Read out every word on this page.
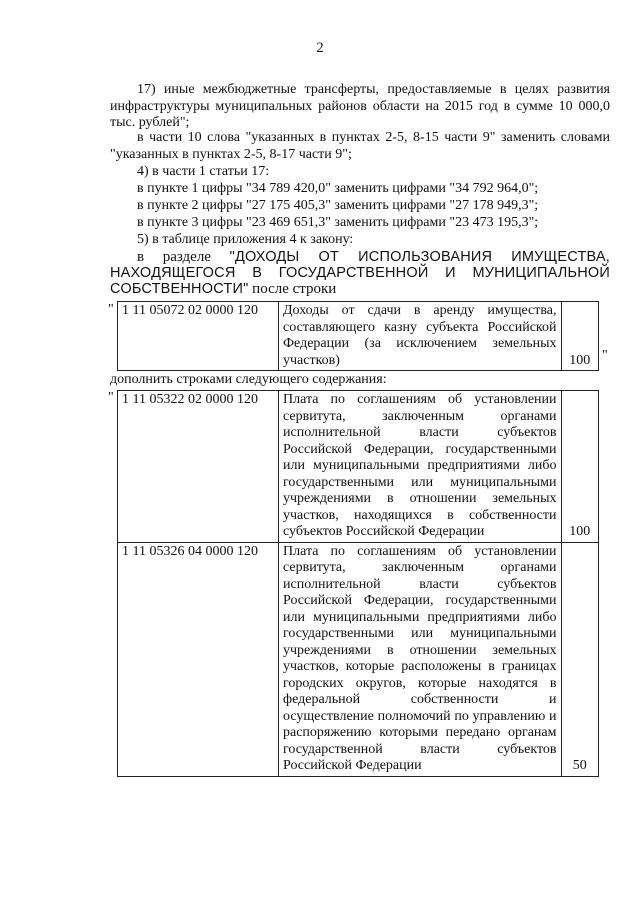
2
17) иные межбюджетные трансферты, предоставляемые в целях развития инфраструктуры муниципальных районов области на 2015 год в сумме 10 000,0 тыс. рублей";
в части 10 слова "указанных в пунктах 2-5, 8-15 части 9" заменить словами "указанных в пунктах 2-5, 8-17 части 9";
4) в части 1 статьи 17:
в пункте 1 цифры "34 789 420,0" заменить цифрами "34 792 964,0";
в пункте 2 цифры "27 175 405,3" заменить цифрами "27 178 949,3";
в пункте 3 цифры "23 469 651,3" заменить цифрами "23 473 195,3";
5) в таблице приложения 4 к закону:
в разделе "ДОХОДЫ ОТ ИСПОЛЬЗОВАНИЯ ИМУЩЕСТВА, НАХОДЯЩЕГОСЯ В ГОСУДАРСТВЕННОЙ И МУНИЦИПАЛЬНОЙ СОБСТВЕННОСТИ" после строки
" 1 11 05072 02 0000 120	Доходы от сдачи в аренду имущества, составляющего казну субъекта Российской Федерации (за исключением земельных участков)	100 "
дополнить строками следующего содержания:
" 1 11 05322 02 0000 120	Плата по соглашениям об установлении сервитута, заключенным органами исполнительной власти субъектов Российской Федерации, государственными или муниципальными предприятиями либо государственными или муниципальными учреждениями в отношении земельных участков, находящихся в собственности субъектов Российской Федерации	100
1 11 05326 04 0000 120	Плата по соглашениям об установлении сервитута, заключенным органами исполнительной власти субъектов Российской Федерации, государственными или муниципальными предприятиями либо государственными или муниципальными учреждениями в отношении земельных участков, которые расположены в границах городских округов, которые находятся в федеральной собственности и осуществление полномочий по управлению и распоряжению которыми передано органам государственной власти субъектов Российской Федерации	50
